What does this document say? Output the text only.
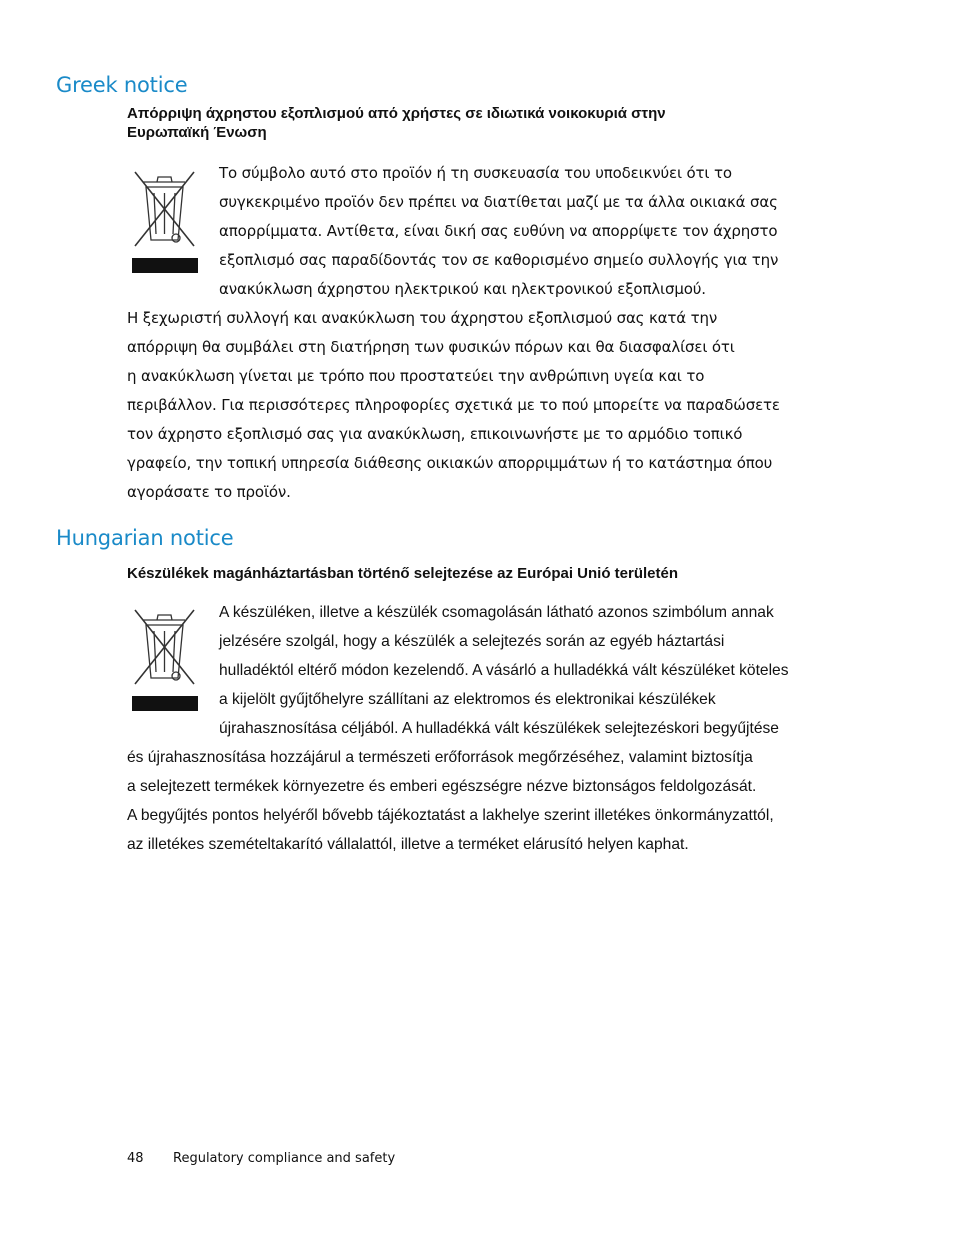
Greek notice
Απόρριψη άχρηστου εξοπλισμού από χρήστες σε ιδιωτικά νοικοκυριά στην
Ευρωπαϊκή Ένωση
Το σύμβολο αυτό στο προϊόν ή τη συσκευασία του υποδεικνύει ότι το
συγκεκριμένο προϊόν δεν πρέπει να διατίθεται μαζί με τα άλλα οικιακά σας
απορρίμματα. Αντίθετα, είναι δική σας ευθύνη να απορρίψετε τον άχρηστο
εξοπλισμό σας παραδίδοντάς τον σε καθορισμένο σημείο συλλογής για την
ανακύκλωση άχρηστου ηλεκτρικού και ηλεκτρονικού εξοπλισμού.
Η ξεχωριστή συλλογή και ανακύκλωση του άχρηστου εξοπλισμού σας κατά την
απόρριψη θα συμβάλει στη διατήρηση των φυσικών πόρων και θα διασφαλίσει ότι
η ανακύκλωση γίνεται με τρόπο που προστατεύει την ανθρώπινη υγεία και το
περιβάλλον. Για περισσότερες πληροφορίες σχετικά με το πού μπορείτε να παραδώσετε
τον άχρηστο εξοπλισμό σας για ανακύκλωση, επικοινωνήστε με το αρμόδιο τοπικό
γραφείο, την τοπική υπηρεσία διάθεσης οικιακών απορριμμάτων ή το κατάστημα όπου
αγοράσατε το προϊόν.
Hungarian notice
Készülékek magánháztartásban történő selejtezése az Európai Unió területén
A készüléken, illetve a készülék csomagolásán látható azonos szimbólum annak
jelzésére szolgál, hogy a készülék a selejtezés során az egyéb háztartási
hulladéktól eltérő módon kezelendő. A vásárló a hulladékká vált készüléket köteles
a kijelölt gyűjtőhelyre szállítani az elektromos és elektronikai készülékek
újrahasznosítása céljából. A hulladékká vált készülékek selejtezéskori begyűjtése
és újrahasznosítása hozzájárul a természeti erőforrások megőrzéséhez, valamint biztosítja
a selejtezett termékek környezetre és emberi egészségre nézve biztonságos feldolgozását.
A begyűjtés pontos helyéről bővebb tájékoztatást a lakhelye szerint illetékes önkormányzattól,
az illetékes szemételtakarító vállalattól, illetve a terméket elárusító helyen kaphat.
48 Regulatory compliance and safety
